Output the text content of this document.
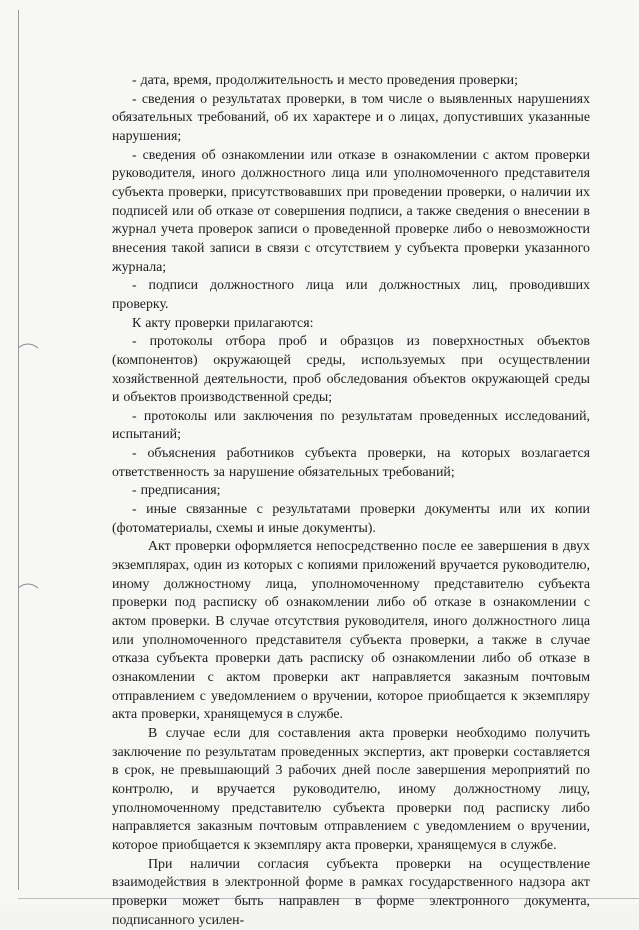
- дата, время, продолжительность и место проведения проверки;

- сведения о результатах проверки, в том числе о выявленных нарушениях обязательных требований, об их характере и о лицах, допустивших указанные нарушения;

- сведения об ознакомлении или отказе в ознакомлении с актом проверки руководителя, иного должностного лица или уполномоченного представителя субъекта проверки, присутствовавших при проведении проверки, о наличии их подписей или об отказе от совершения подписи, а также сведения о внесении в журнал учета проверок записи о проведенной проверке либо о невозможности внесения такой записи в связи с отсутствием у субъекта проверки указанного журнала;

- подписи должностного лица или должностных лиц, проводивших проверку.

К акту проверки прилагаются:

- протоколы отбора проб и образцов из поверхностных объектов (компонентов) окружающей среды, используемых при осуществлении хозяйственной деятельности, проб обследования объектов окружающей среды и объектов производственной среды;

- протоколы или заключения по результатам проведенных исследований, испытаний;

- объяснения работников субъекта проверки, на которых возлагается ответственность за нарушение обязательных требований;

- предписания;

- иные связанные с результатами проверки документы или их копии (фотоматериалы, схемы и иные документы).

Акт проверки оформляется непосредственно после ее завершения в двух экземплярах, один из которых с копиями приложений вручается руководителю, иному должностному лица, уполномоченному представителю субъекта проверки под расписку об ознакомлении либо об отказе в ознакомлении с актом проверки. В случае отсутствия руководителя, иного должностного лица или уполномоченного представителя субъекта проверки, а также в случае отказа субъекта проверки дать расписку об ознакомлении либо об отказе в ознакомлении с актом проверки акт направляется заказным почтовым отправлением с уведомлением о вручении, которое приобщается к экземпляру акта проверки, хранящемуся в службе.

В случае если для составления акта проверки необходимо получить заключение по результатам проведенных экспертиз, акт проверки составляется в срок, не превышающий 3 рабочих дней после завершения мероприятий по контролю, и вручается руководителю, иному должностному лицу, уполномоченному представителю субъекта проверки под расписку либо направляется заказным почтовым отправлением с уведомлением о вручении, которое приобщается к экземпляру акта проверки, хранящемуся в службе.

При наличии согласия субъекта проверки на осуществление взаимодействия в электронной форме в рамках государственного надзора акт проверки может быть направлен в форме электронного документа, подписанного усилен-
